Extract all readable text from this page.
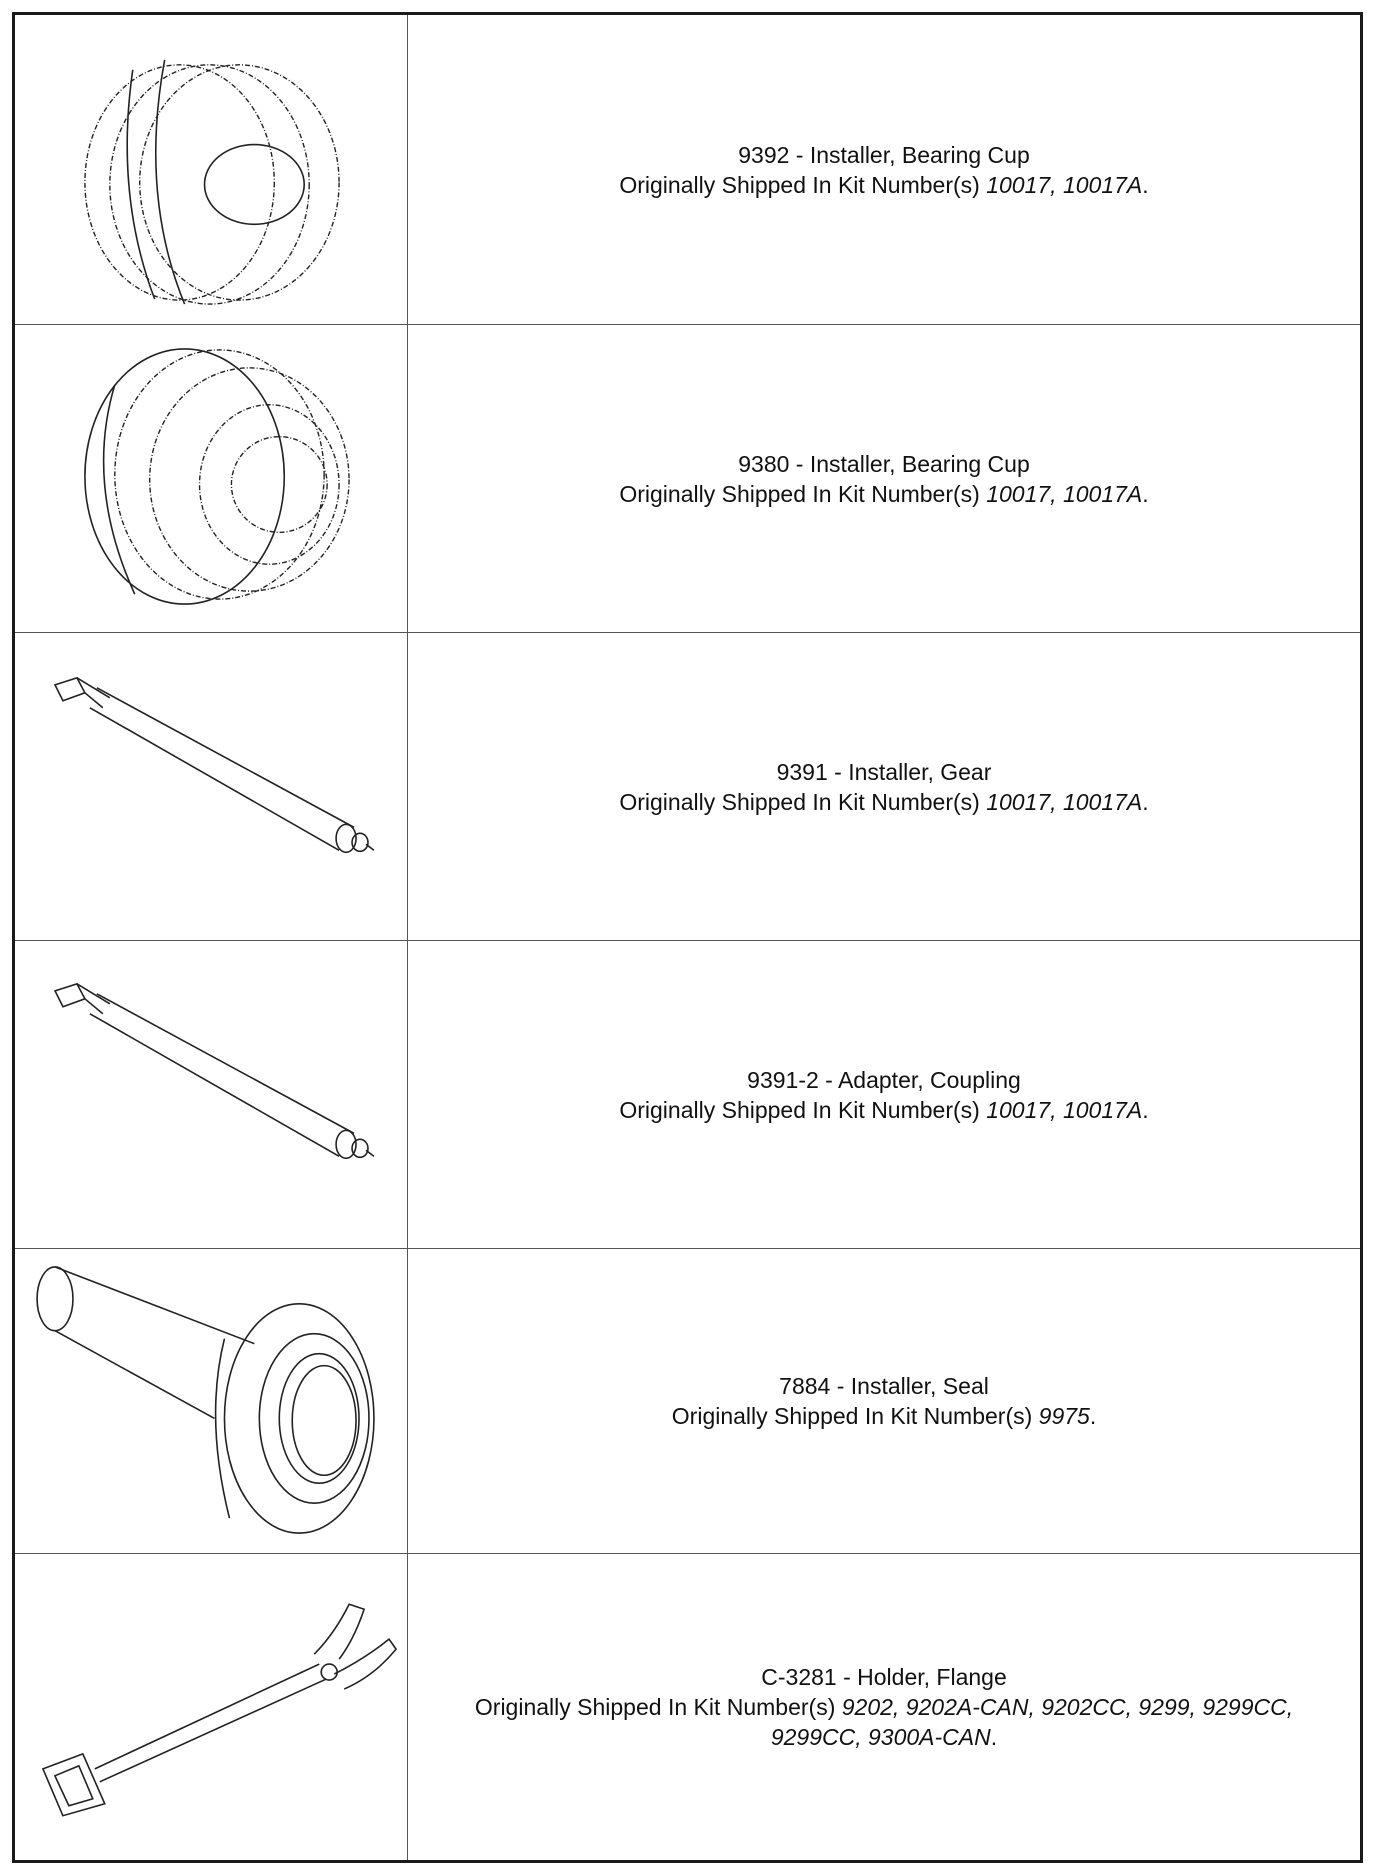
9392 - Installer, Bearing Cup
Originally Shipped In Kit Number(s) 10017, 10017A.
9380 - Installer, Bearing Cup
Originally Shipped In Kit Number(s) 10017, 10017A.
9391 - Installer, Gear
Originally Shipped In Kit Number(s) 10017, 10017A.
9391-2 - Adapter, Coupling
Originally Shipped In Kit Number(s) 10017, 10017A.
7884 - Installer, Seal
Originally Shipped In Kit Number(s) 9975.
C-3281 - Holder, Flange
Originally Shipped In Kit Number(s) 9202, 9202A-CAN, 9202CC, 9299, 9299CC,
9299CC, 9300A-CAN.
